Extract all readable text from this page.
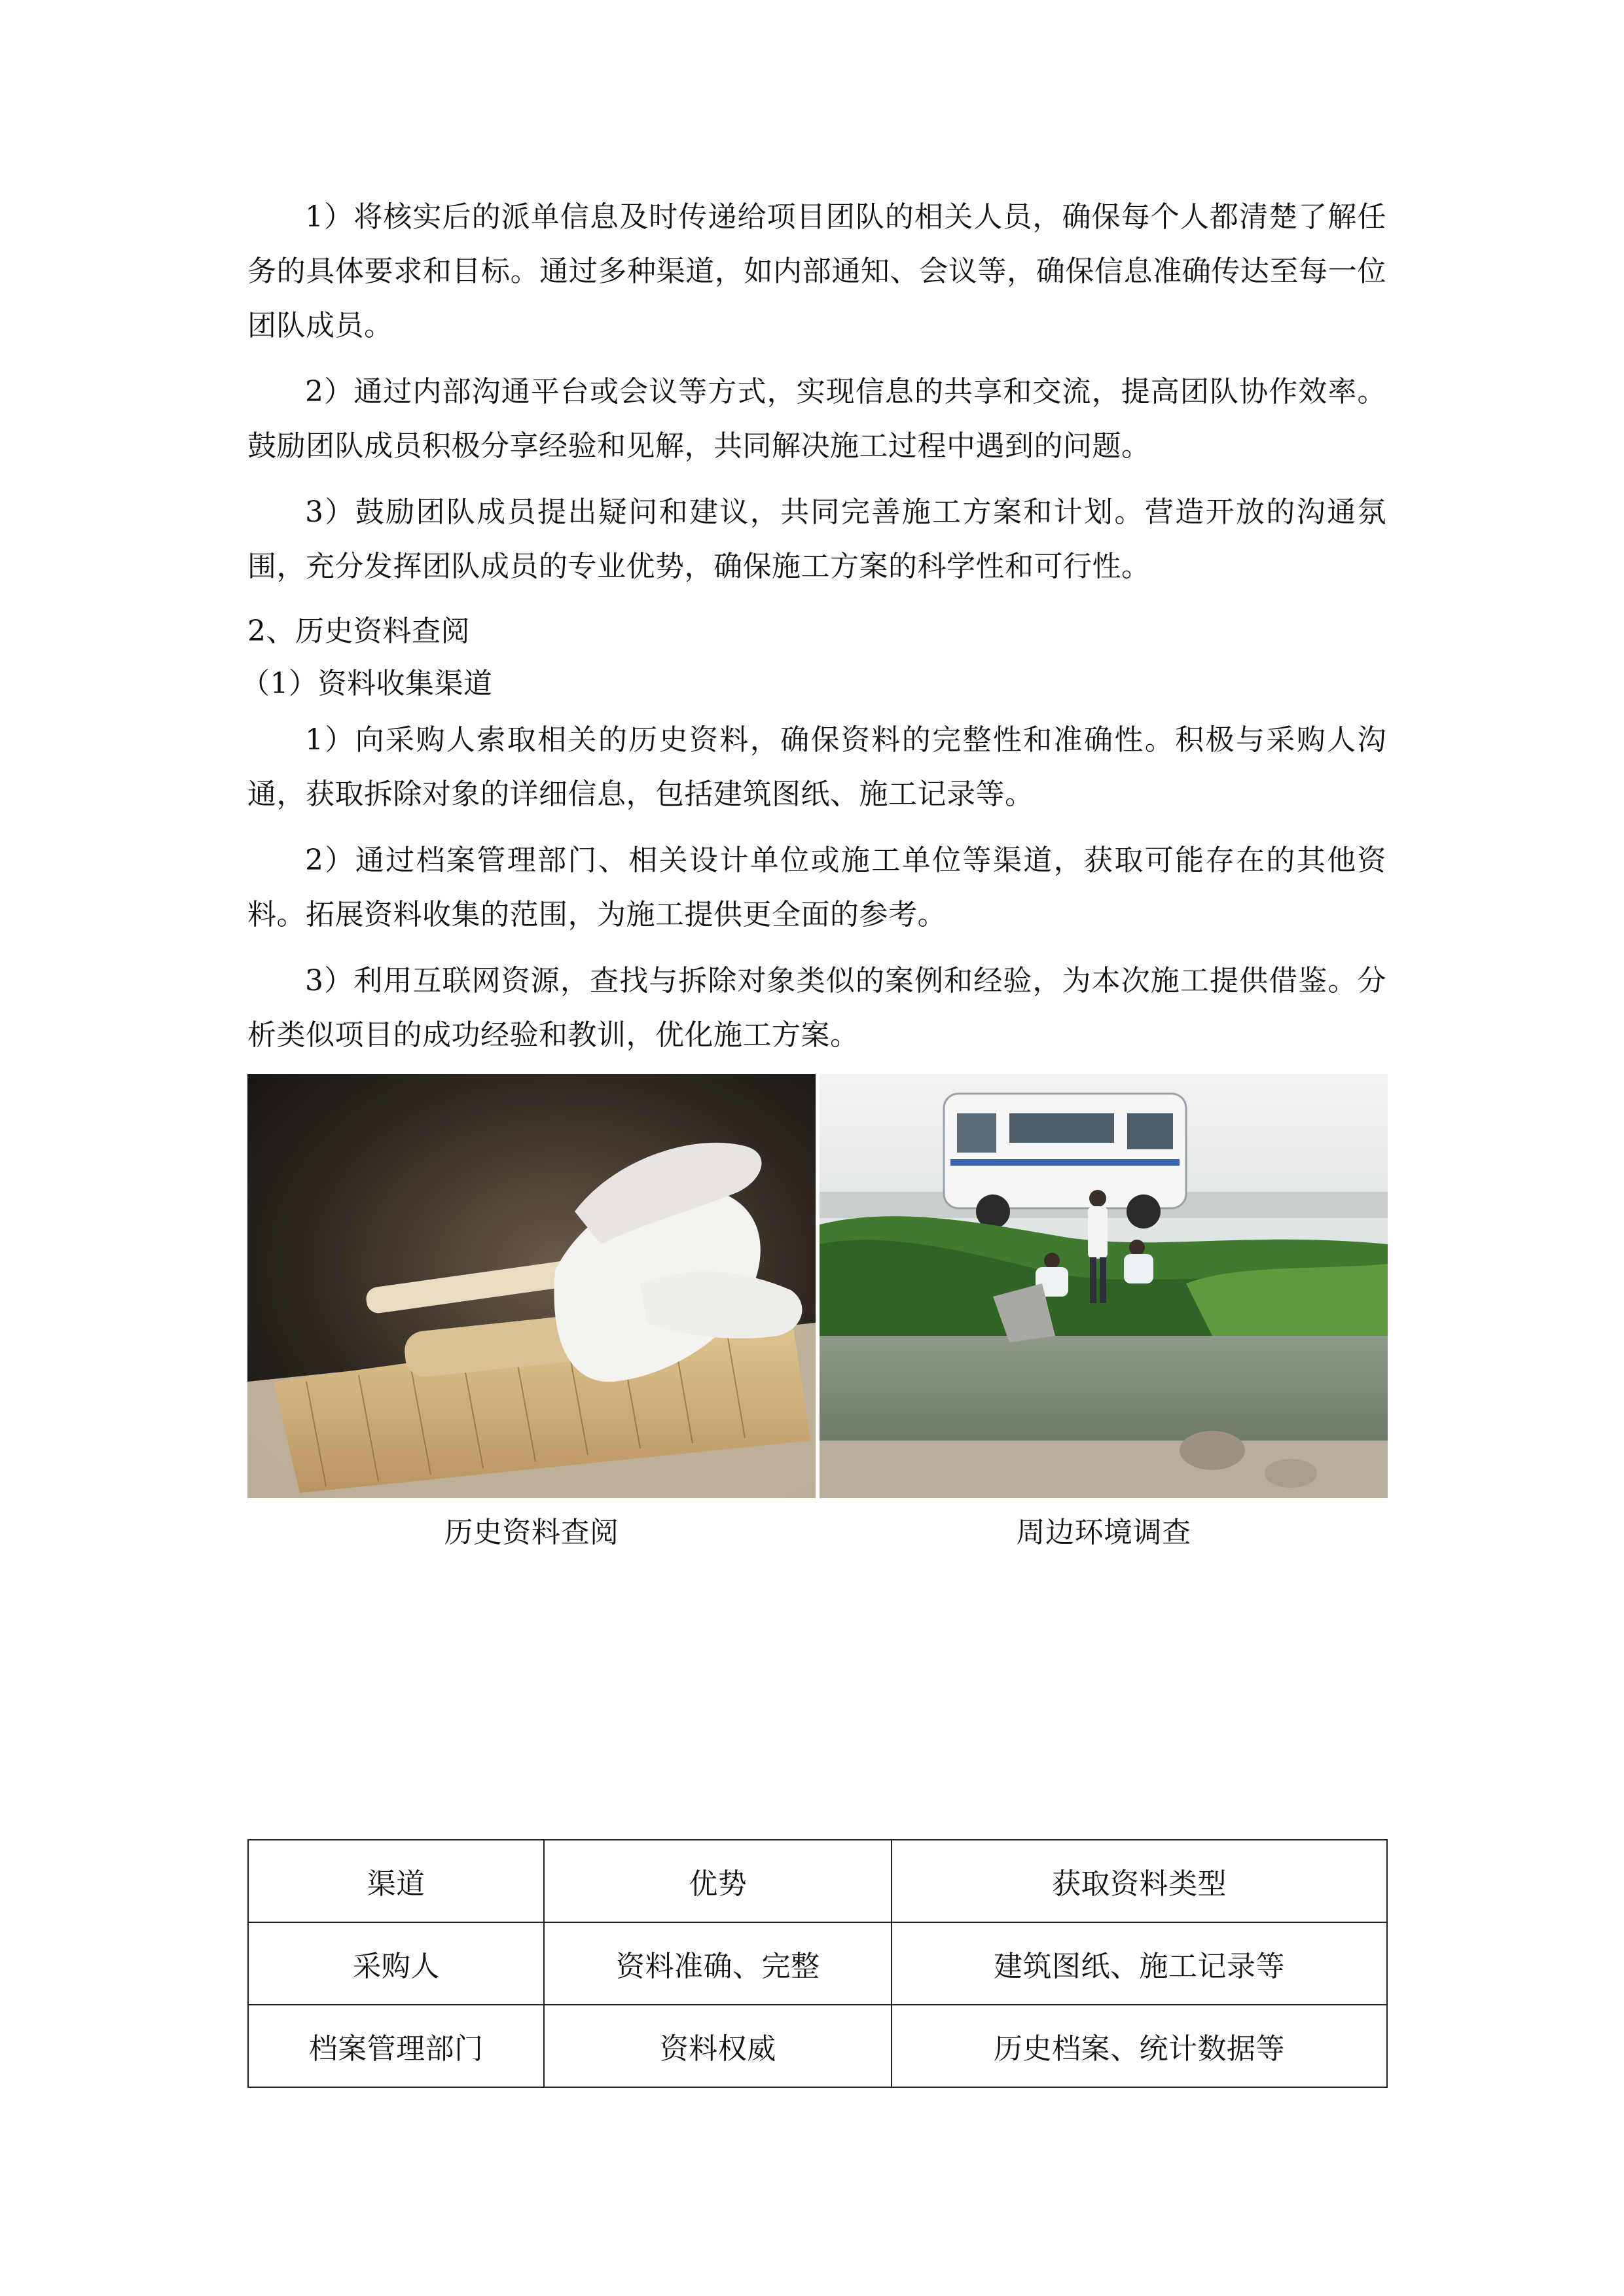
1）将核实后的派单信息及时传递给项目团队的相关人员，确保每个人都清楚了解任务的具体要求和目标。通过多种渠道，如内部通知、会议等，确保信息准确传达至每一位团队成员。

2）通过内部沟通平台或会议等方式，实现信息的共享和交流，提高团队协作效率。鼓励团队成员积极分享经验和见解，共同解决施工过程中遇到的问题。

3）鼓励团队成员提出疑问和建议，共同完善施工方案和计划。营造开放的沟通氛围，充分发挥团队成员的专业优势，确保施工方案的科学性和可行性。

2、历史资料查阅

（1）资料收集渠道

1）向采购人索取相关的历史资料，确保资料的完整性和准确性。积极与采购人沟通，获取拆除对象的详细信息，包括建筑图纸、施工记录等。

2）通过档案管理部门、相关设计单位或施工单位等渠道，获取可能存在的其他资料。拓展资料收集的范围，为施工提供更全面的参考。

3）利用互联网资源，查找与拆除对象类似的案例和经验，为本次施工提供借鉴。分析类似项目的成功经验和教训，优化施工方案。

历史资料查阅	周边环境调查
渠道	优势	获取资料类型
采购人	资料准确、完整	建筑图纸、施工记录等
档案管理部门	资料权威	历史档案、统计数据等
